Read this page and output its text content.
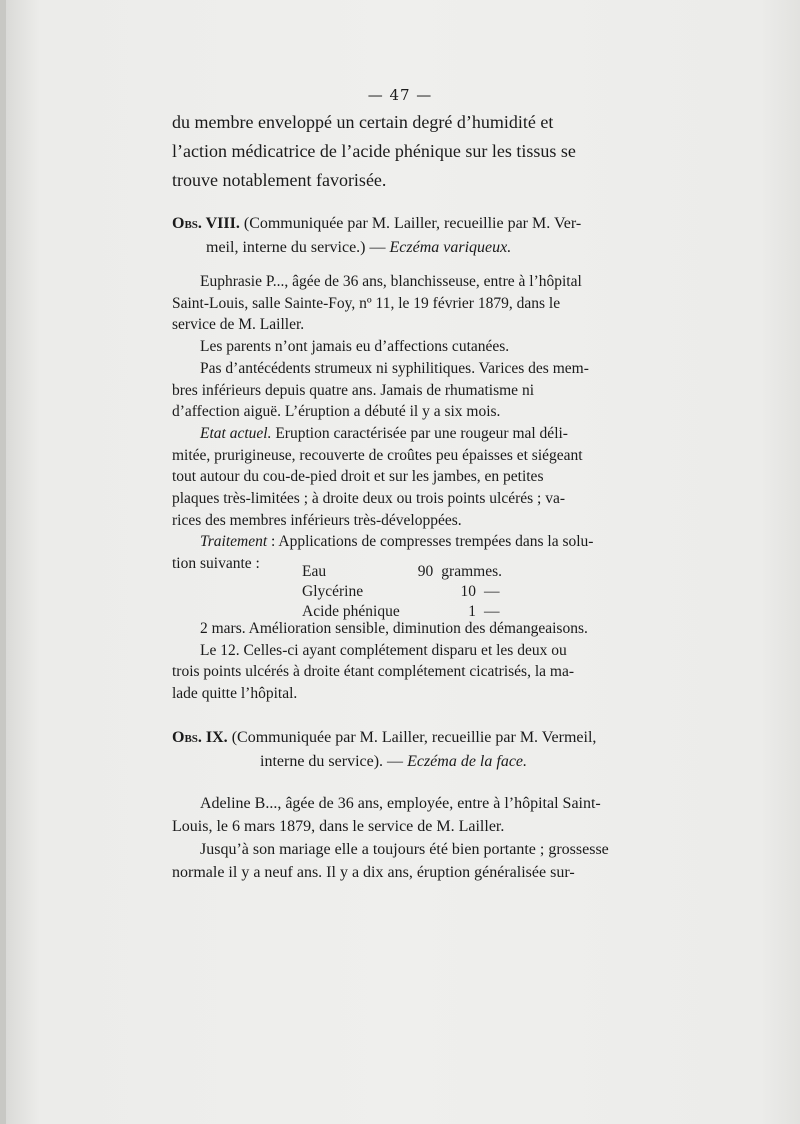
— 47 —
du membre enveloppé un certain degré d’humidité et
l’action médicatrice de l’acide phénique sur les tissus se
trouve notablement favorisée.
Obs. VIII. (Communiquée par M. Lailler, recueillie par M. Ver-
meil, interne du service.) — Eczéma variqueux.
Euphrasie P..., âgée de 36 ans, blanchisseuse, entre à l’hôpital
Saint-Louis, salle Sainte-Foy, nº 11, le 19 février 1879, dans le
service de M. Lailler.
Les parents n’ont jamais eu d’affections cutanées.
Pas d’antécédents strumeux ni syphilitiques. Varices des mem-
bres inférieurs depuis quatre ans. Jamais de rhumatisme ni
d’affection aiguë. L’éruption a débuté il y a six mois.
Etat actuel. Eruption caractérisée par une rougeur mal déli-
mitée, prurigineuse, recouverte de croûtes peu épaisses et siégeant
tout autour du cou-de-pied droit et sur les jambes, en petites
plaques très-limitées ; à droite deux ou trois points ulcérés ; va-
rices des membres inférieurs très-développées.
Traitement : Applications de compresses trempées dans la solu-
tion suivante :	Eau	90 grammes.
Glycérine	10 —
Acide phénique	1 —
2 mars. Amélioration sensible, diminution des démangeaisons.
Le 12. Celles-ci ayant complétement disparu et les deux ou
trois points ulcérés à droite étant complétement cicatrisés, la ma-
lade quitte l’hôpital.
Obs. IX. (Communiquée par M. Lailler, recueillie par M. Vermeil,
interne du service). — Eczéma de la face.
Adeline B..., âgée de 36 ans, employée, entre à l’hôpital Saint-
Louis, le 6 mars 1879, dans le service de M. Lailler.
Jusqu’à son mariage elle a toujours été bien portante ; grossesse
normale il y a neuf ans. Il y a dix ans, éruption généralisée sur-
